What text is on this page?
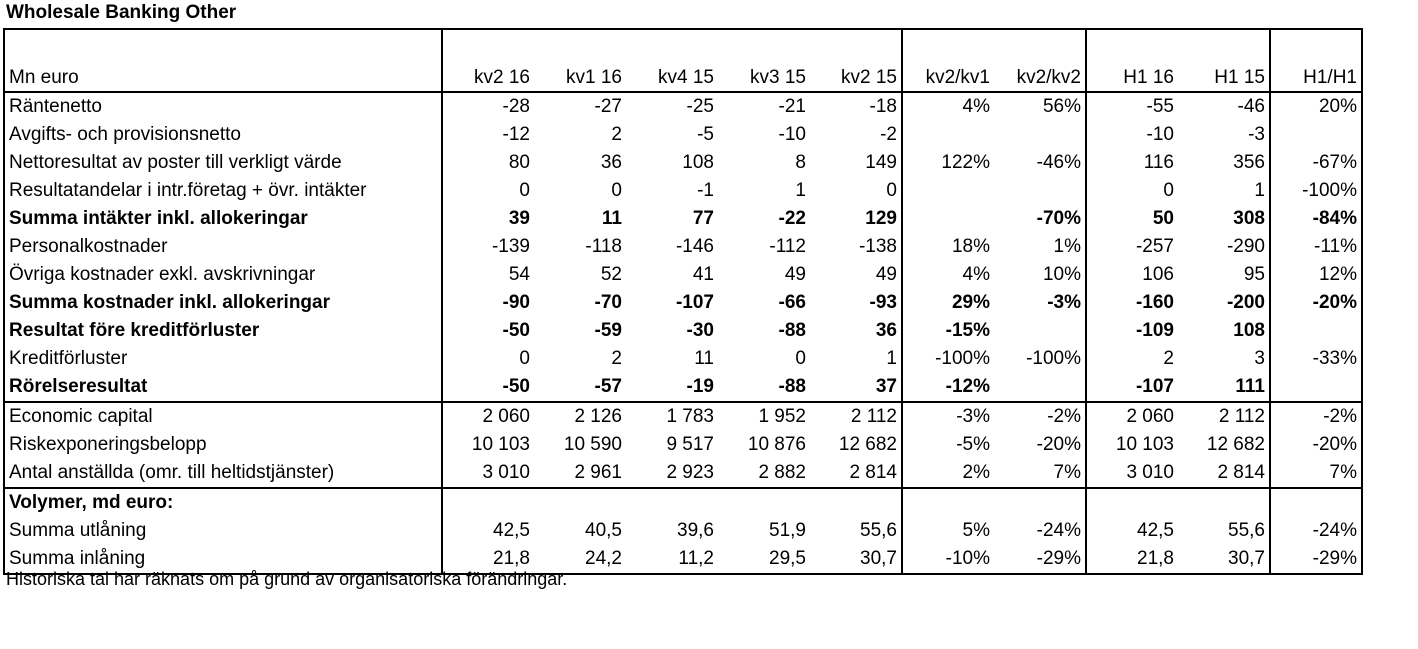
Wholesale Banking Other
Mn euro	kv2 16	kv1 16	kv4 15	kv3 15	kv2 15	kv2/kv1	kv2/kv2	H1 16	H1 15	H1/H1
Räntenetto	-28	-27	-25	-21	-18	4%	56%	-55	-46	20%
Avgifts- och provisionsnetto	-12	2	-5	-10	-2			-10	-3	
Nettoresultat av poster till verkligt värde	80	36	108	8	149	122%	-46%	116	356	-67%
Resultatandelar i intr.företag + övr. intäkter	0	0	-1	1	0			0	1	-100%
Summa intäkter inkl. allokeringar	39	11	77	-22	129		-70%	50	308	-84%
Personalkostnader	-139	-118	-146	-112	-138	18%	1%	-257	-290	-11%
Övriga kostnader exkl. avskrivningar	54	52	41	49	49	4%	10%	106	95	12%
Summa kostnader inkl. allokeringar	-90	-70	-107	-66	-93	29%	-3%	-160	-200	-20%
Resultat före kreditförluster	-50	-59	-30	-88	36	-15%		-109	108	
Kreditförluster	0	2	11	0	1	-100%	-100%	2	3	-33%
Rörelseresultat	-50	-57	-19	-88	37	-12%		-107	111	
Economic capital	2 060	2 126	1 783	1 952	2 112	-3%	-2%	2 060	2 112	-2%
Riskexponeringsbelopp	10 103	10 590	9 517	10 876	12 682	-5%	-20%	10 103	12 682	-20%
Antal anställda (omr. till heltidstjänster)	3 010	2 961	2 923	2 882	2 814	2%	7%	3 010	2 814	7%
Volymer, md euro:										
Summa utlåning	42,5	40,5	39,6	51,9	55,6	5%	-24%	42,5	55,6	-24%
Summa inlåning	21,8	24,2	11,2	29,5	30,7	-10%	-29%	21,8	30,7	-29%
Historiska tal har räknats om på grund av organisatoriska förändringar.
